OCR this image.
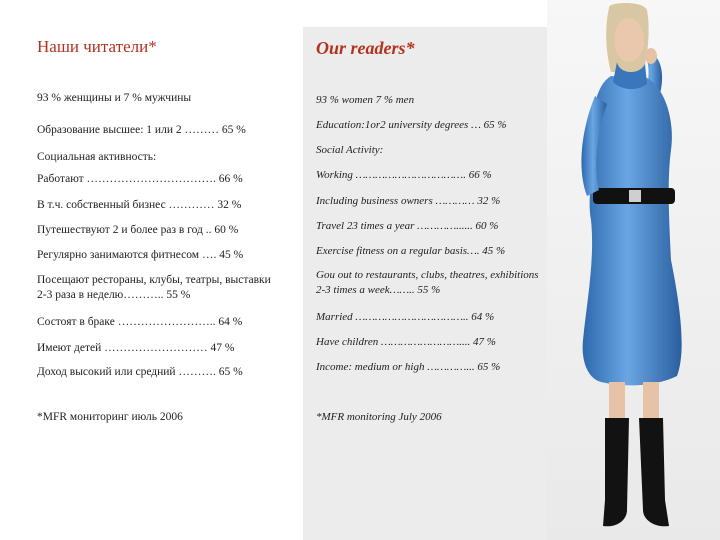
Наши читатели*
93 % женщины и 7 % мужчины
Образование высшее: 1 или 2 ……… 65 %
Социальная активность:
Работают ……………………………. 66 %
В т.ч. собственный бизнес ………… 32 %
Путешествуют 2 и более раз в год .. 60 %
Регулярно занимаются фитнесом …. 45 %
Посещают рестораны, клубы, театры, выставки 2-3 раза в неделю……….. 55 %
Состоят в браке …………………….. 64 %
Имеют детей ……………………… 47 %
Доход высокий или средний ………. 65 %
*MFR мониторинг июль 2006
Our readers*
93 % women 7 % men
Education:1or2 university degrees … 65 %
Social Activity:
Working ……………………………. 66 %
Including business owners ………… 32 %
Travel 23 times a year …………...... 60 %
Exercise fitness on a regular basis…. 45 %
Gou out to restaurants, clubs, theatres, exhibitions 2-3 times a week…….. 55 %
Married …………………………….. 64 %
Have children …………………….... 47 %
Income: medium or high …………... 65 %
*MFR monitoring July 2006
